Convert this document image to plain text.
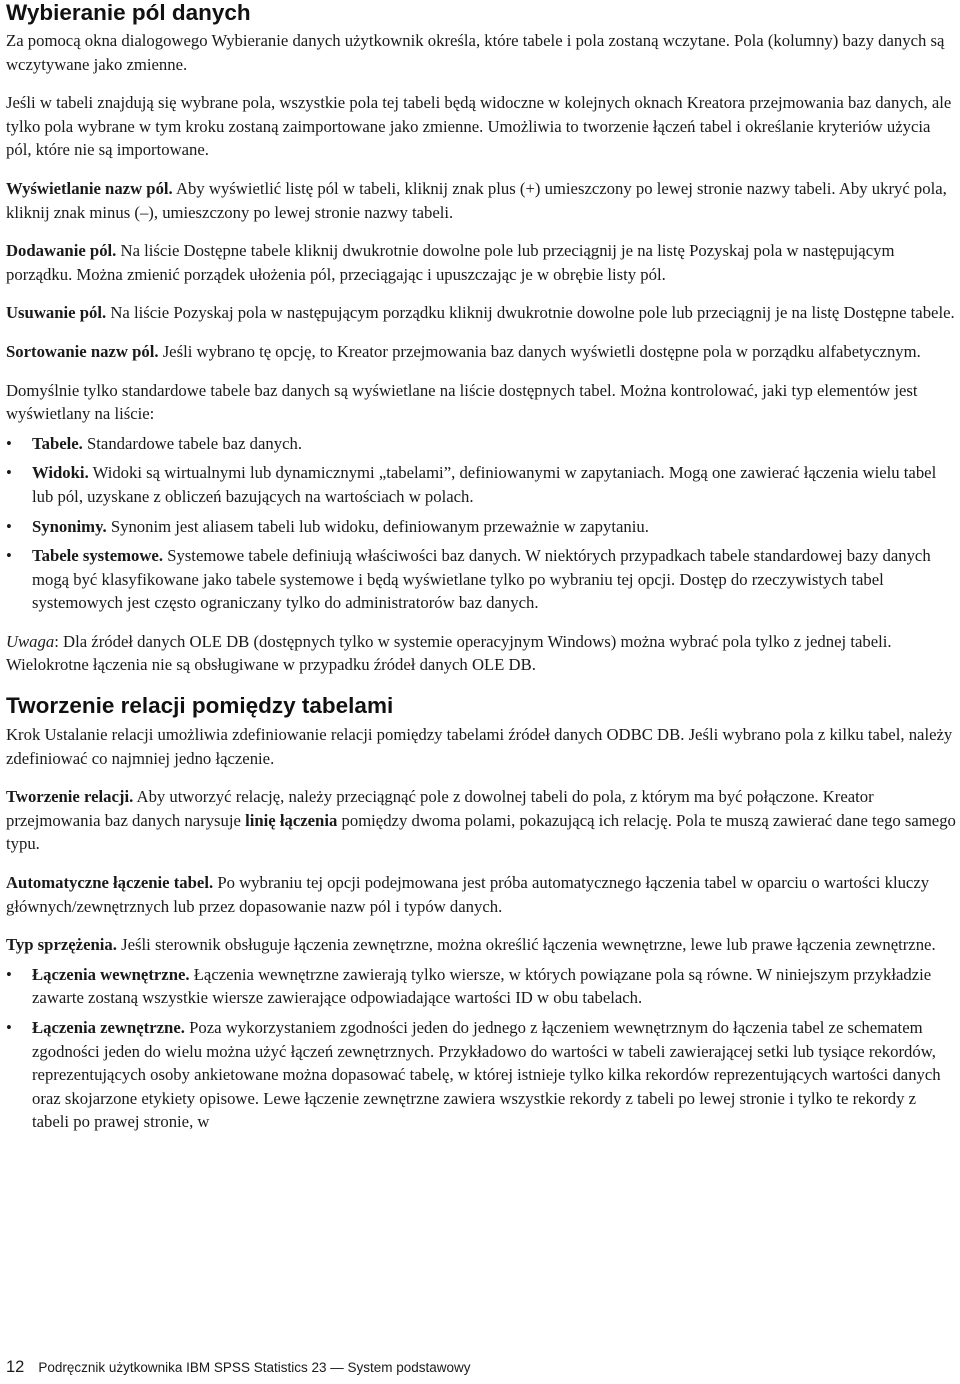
Wybieranie pól danych

Za pomocą okna dialogowego Wybieranie danych użytkownik określa, które tabele i pola zostaną wczytane. Pola (kolumny) bazy danych są wczytywane jako zmienne.

Jeśli w tabeli znajdują się wybrane pola, wszystkie pola tej tabeli będą widoczne w kolejnych oknach Kreatora przejmowania baz danych, ale tylko pola wybrane w tym kroku zostaną zaimportowane jako zmienne. Umożliwia to tworzenie łączeń tabel i określanie kryteriów użycia pól, które nie są importowane.

Wyświetlanie nazw pól. Aby wyświetlić listę pól w tabeli, kliknij znak plus (+) umieszczony po lewej stronie nazwy tabeli. Aby ukryć pola, kliknij znak minus (–), umieszczony po lewej stronie nazwy tabeli.

Dodawanie pól. Na liście Dostępne tabele kliknij dwukrotnie dowolne pole lub przeciągnij je na listę Pozyskaj pola w następującym porządku. Można zmienić porządek ułożenia pól, przeciągając i upuszczając je w obrębie listy pól.

Usuwanie pól. Na liście Pozyskaj pola w następującym porządku kliknij dwukrotnie dowolne pole lub przeciągnij je na listę Dostępne tabele.

Sortowanie nazw pól. Jeśli wybrano tę opcję, to Kreator przejmowania baz danych wyświetli dostępne pola w porządku alfabetycznym.

Domyślnie tylko standardowe tabele baz danych są wyświetlane na liście dostępnych tabel. Można kontrolować, jaki typ elementów jest wyświetlany na liście:

• Tabele. Standardowe tabele baz danych.
• Widoki. Widoki są wirtualnymi lub dynamicznymi „tabelami”, definiowanymi w zapytaniach. Mogą one zawierać łączenia wielu tabel lub pól, uzyskane z obliczeń bazujących na wartościach w polach.
• Synonimy. Synonim jest aliasem tabeli lub widoku, definiowanym przeważnie w zapytaniu.
• Tabele systemowe. Systemowe tabele definiują właściwości baz danych. W niektórych przypadkach tabele standardowej bazy danych mogą być klasyfikowane jako tabele systemowe i będą wyświetlane tylko po wybraniu tej opcji. Dostęp do rzeczywistych tabel systemowych jest często ograniczany tylko do administratorów baz danych.

Uwaga: Dla źródeł danych OLE DB (dostępnych tylko w systemie operacyjnym Windows) można wybrać pola tylko z jednej tabeli. Wielokrotne łączenia nie są obsługiwane w przypadku źródeł danych OLE DB.

Tworzenie relacji pomiędzy tabelami

Krok Ustalanie relacji umożliwia zdefiniowanie relacji pomiędzy tabelami źródeł danych ODBC DB. Jeśli wybrano pola z kilku tabel, należy zdefiniować co najmniej jedno łączenie.

Tworzenie relacji. Aby utworzyć relację, należy przeciągnąć pole z dowolnej tabeli do pola, z którym ma być połączone. Kreator przejmowania baz danych narysuje linię łączenia pomiędzy dwoma polami, pokazującą ich relację. Pola te muszą zawierać dane tego samego typu.

Automatyczne łączenie tabel. Po wybraniu tej opcji podejmowana jest próba automatycznego łączenia tabel w oparciu o wartości kluczy głównych/zewnętrznych lub przez dopasowanie nazw pól i typów danych.

Typ sprzężenia. Jeśli sterownik obsługuje łączenia zewnętrzne, można określić łączenia wewnętrzne, lewe lub prawe łączenia zewnętrzne.

• Łączenia wewnętrzne. Łączenia wewnętrzne zawierają tylko wiersze, w których powiązane pola są równe. W niniejszym przykładzie zawarte zostaną wszystkie wiersze zawierające odpowiadające wartości ID w obu tabelach.
• Łączenia zewnętrzne. Poza wykorzystaniem zgodności jeden do jednego z łączeniem wewnętrznym do łączenia tabel ze schematem zgodności jeden do wielu można użyć łączeń zewnętrznych. Przykładowo do wartości w tabeli zawierającej setki lub tysiące rekordów, reprezentujących osoby ankietowane można dopasować tabelę, w której istnieje tylko kilka rekordów reprezentujących wartości danych oraz skojarzone etykiety opisowe. Lewe łączenie zewnętrzne zawiera wszystkie rekordy z tabeli po lewej stronie i tylko te rekordy z tabeli po prawej stronie, w
12 Podręcznik użytkownika IBM SPSS Statistics 23 — System podstawowy
